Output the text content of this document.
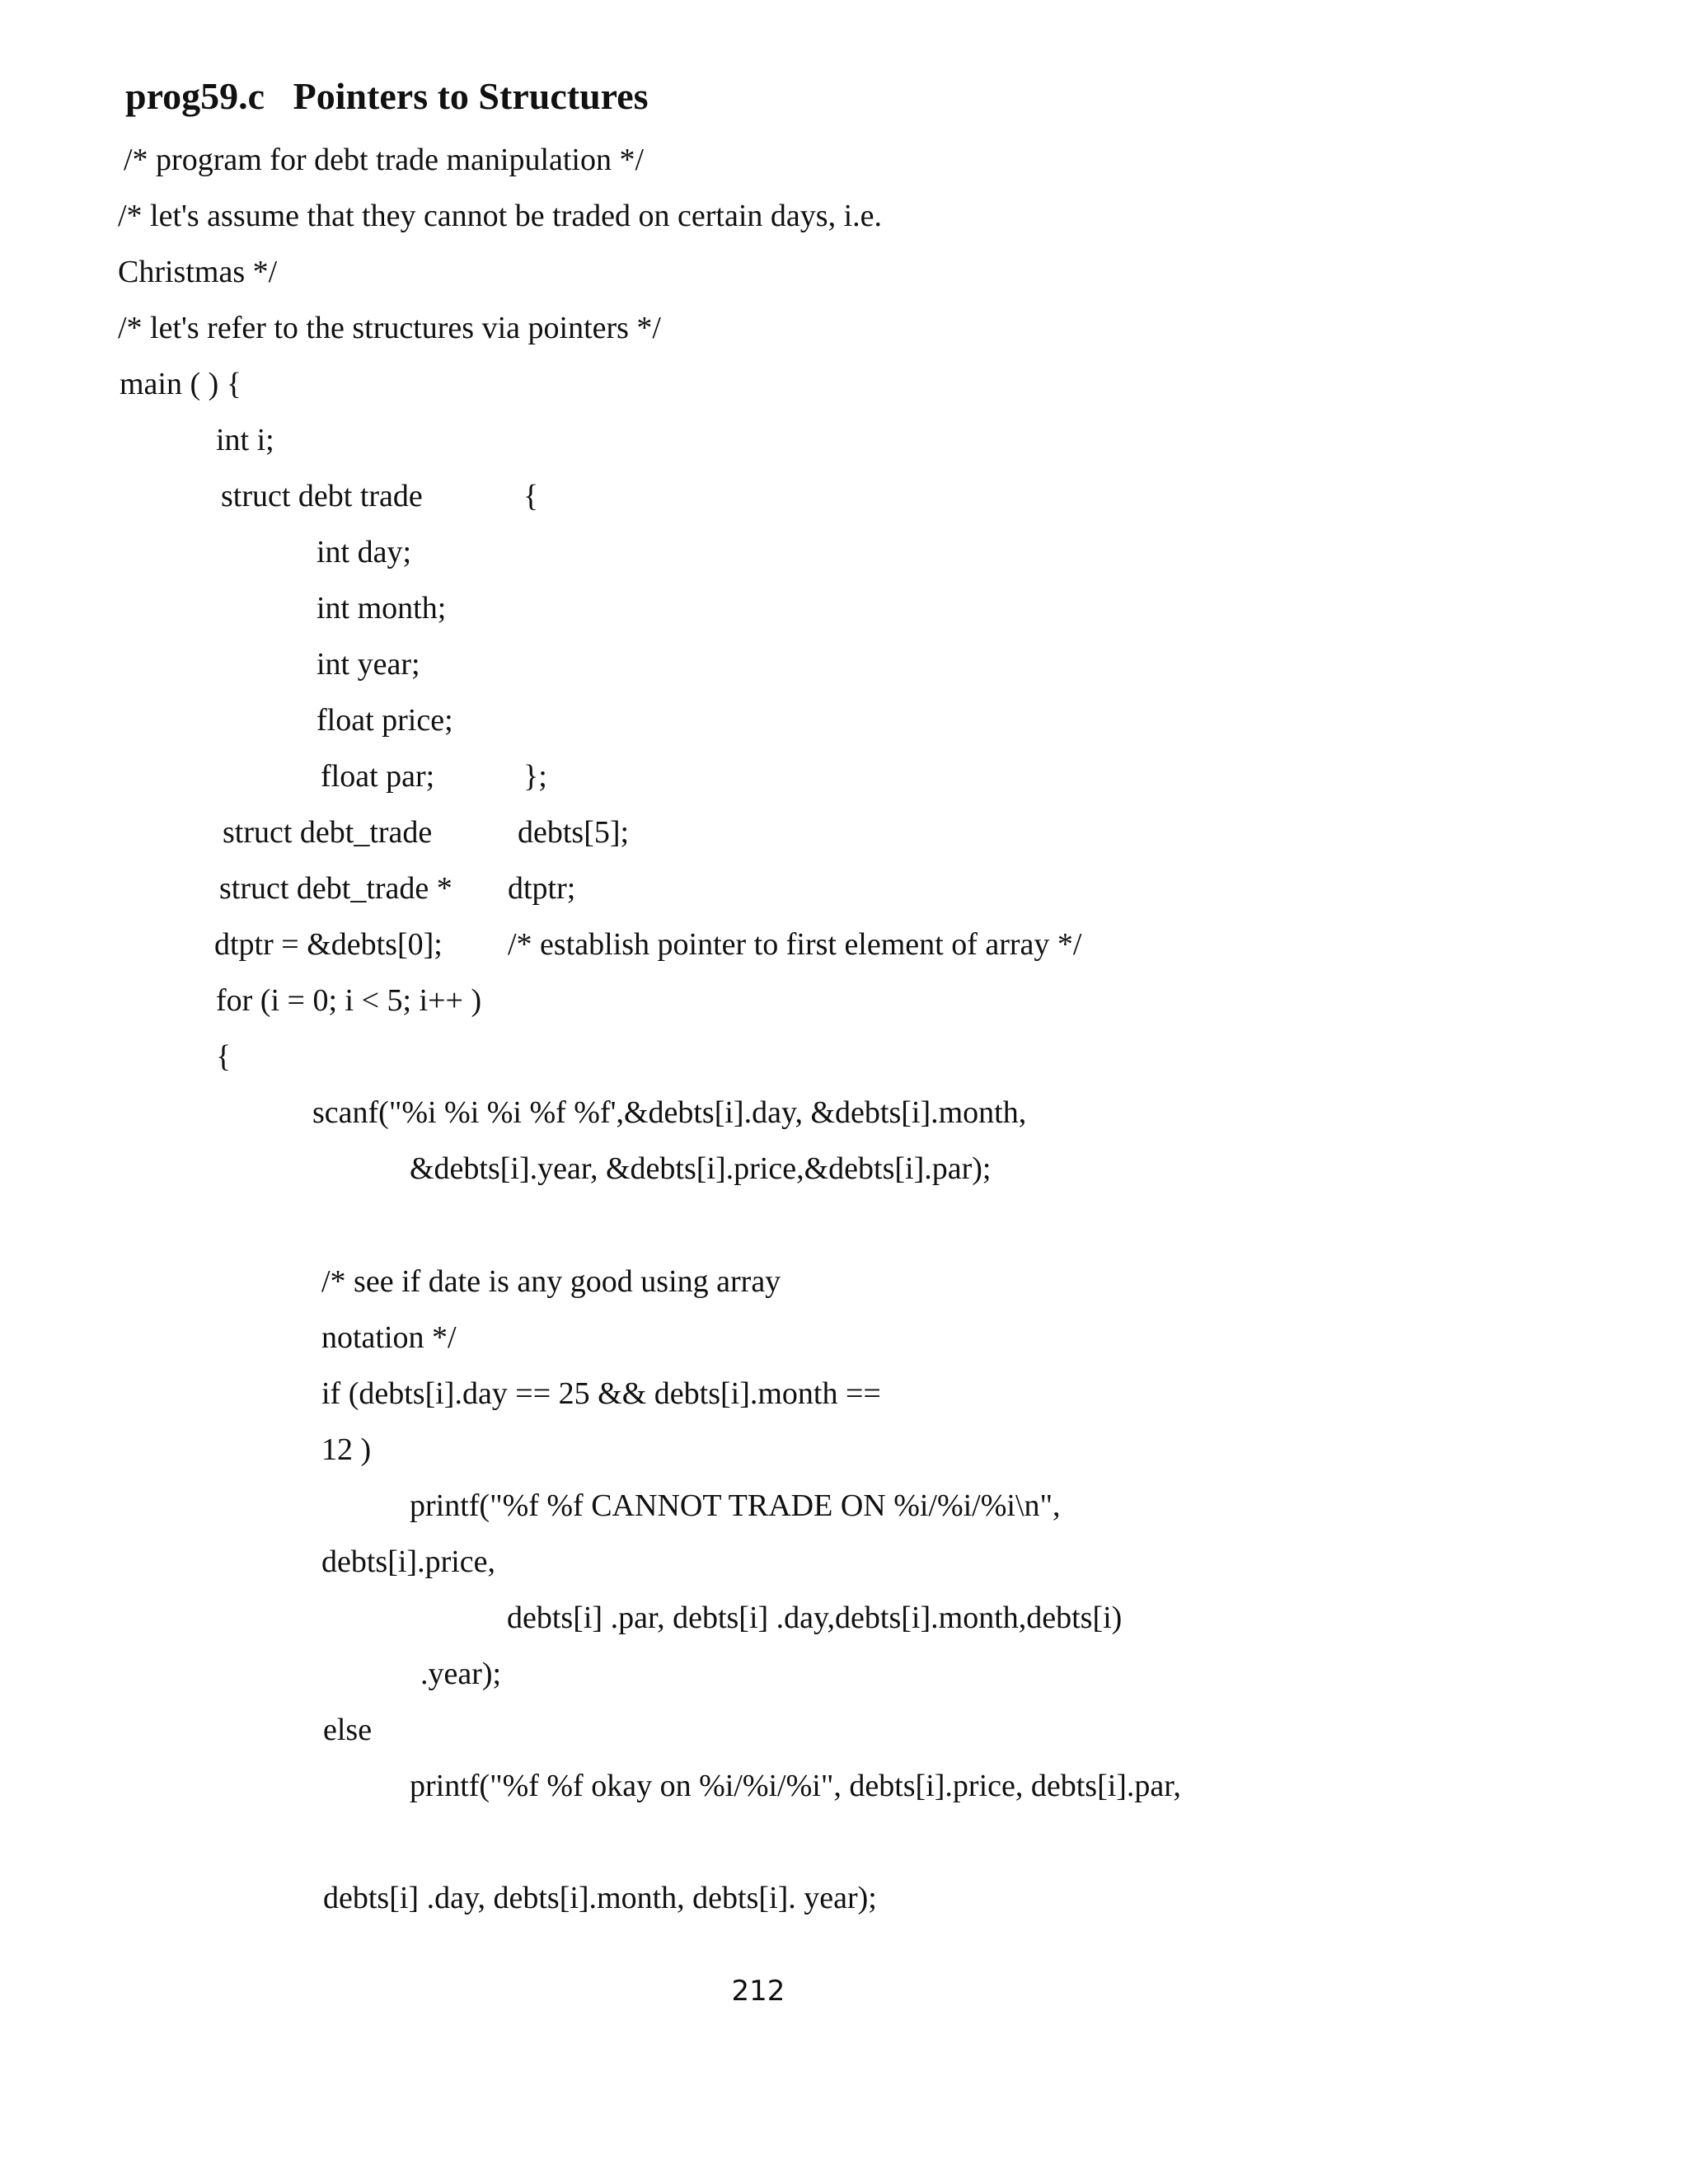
prog59.c Pointers to Structures
/* program for debt trade manipulation */
/* let's assume that they cannot be traded on certain days, i.e.
Christmas */
/* let's refer to the structures via pointers */
main ( ) {
int i;
struct debt trade	{
int day;
int month;
int year;
float price;
float par;	};
struct debt_trade	debts[5];
struct debt_trade * dtptr;
dtptr = &debts[0]; /* establish pointer to first element of array */
for (i = 0; i < 5; i++ )
{
scanf("%i %i %i %f %f',&debts[i].day, &debts[i].month,
&debts[i].year, &debts[i].price,&debts[i].par);
/* see if date is any good using array
notation */
if (debts[i].day == 25 && debts[i].month ==
12 )
printf("%f %f CANNOT TRADE ON %i/%i/%i\n",
debts[i].price,
debts[i] .par, debts[i] .day,debts[i].month,debts[i)
.year);
else
printf("%f %f okay on %i/%i/%i", debts[i].price, debts[i].par,
debts[i] .day, debts[i].month, debts[i]. year);
212
